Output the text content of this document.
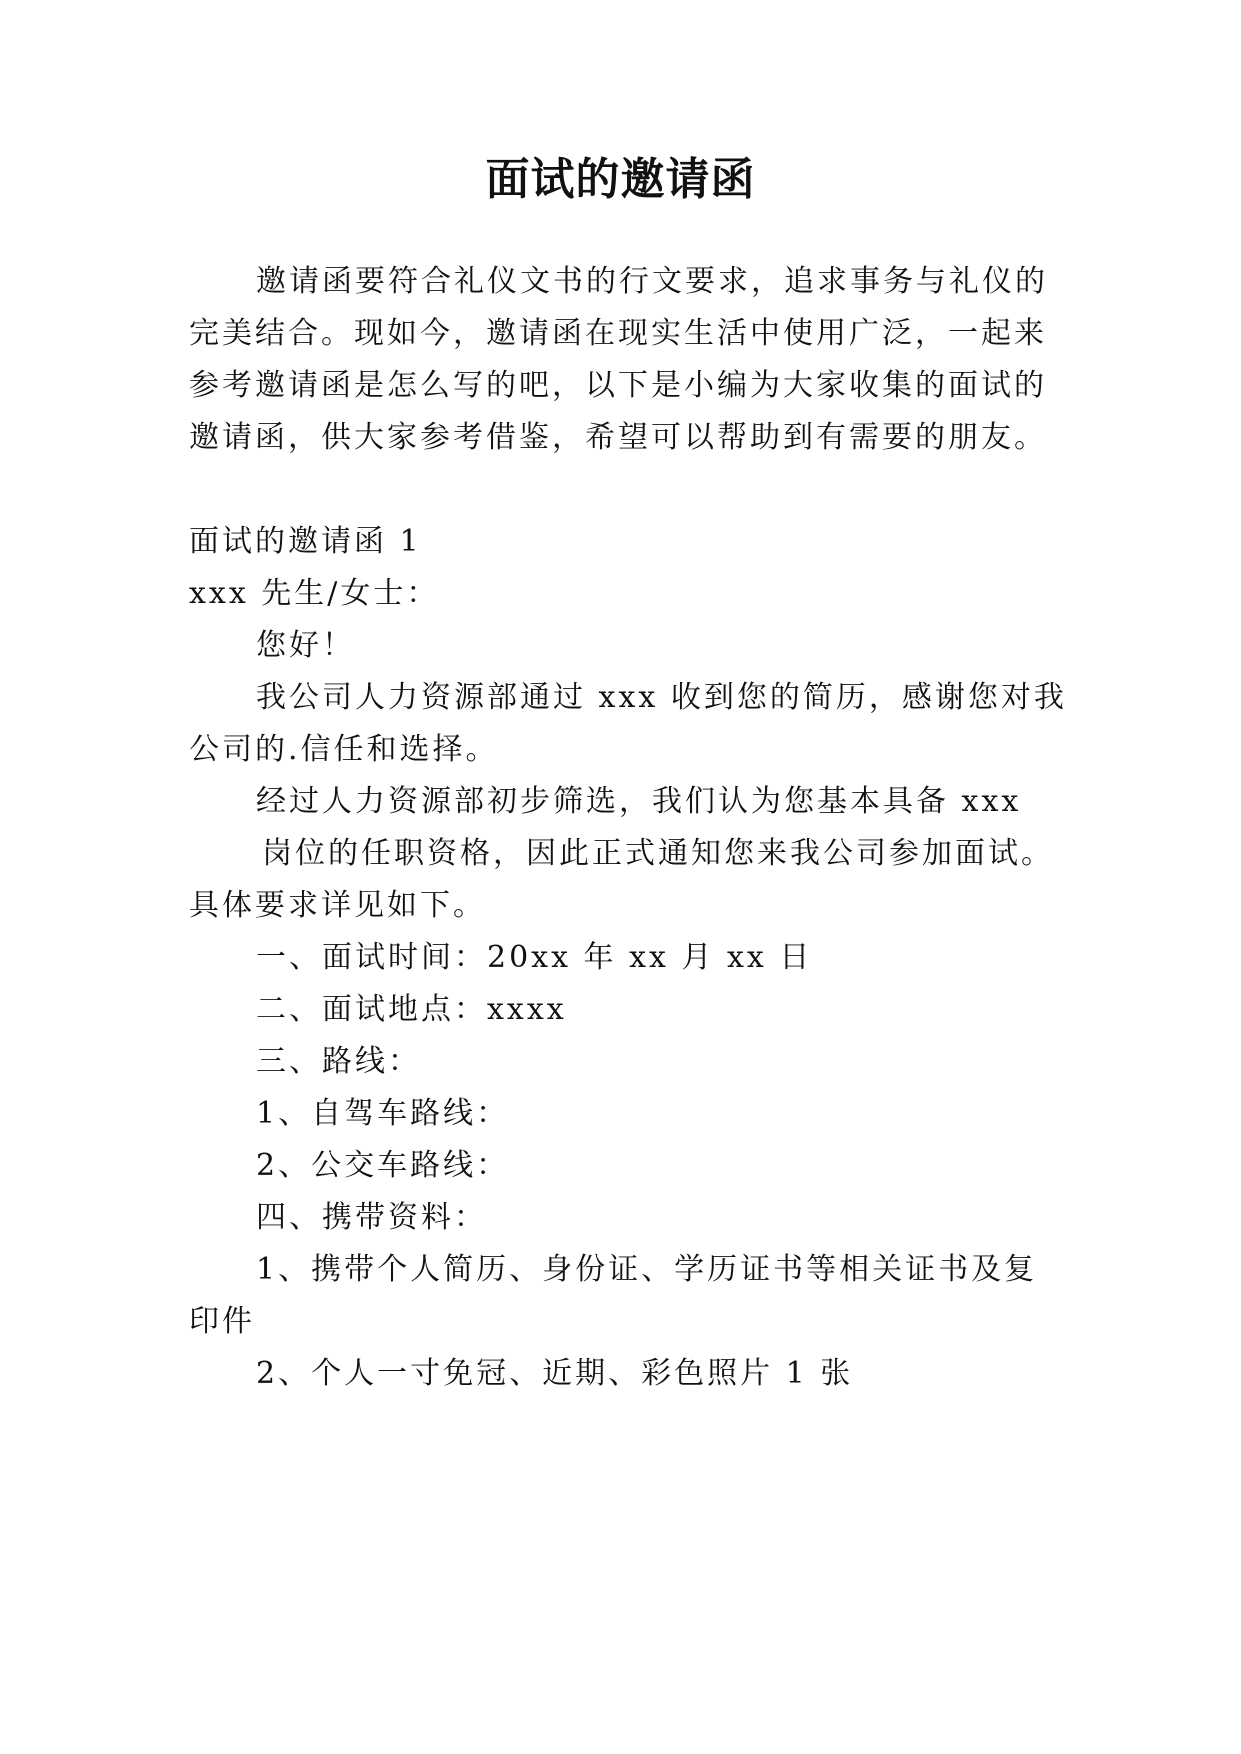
面试的邀请函

邀请函要符合礼仪文书的行文要求，追求事务与礼仪的

完美结合。现如今，邀请函在现实生活中使用广泛，一起来

参考邀请函是怎么写的吧，以下是小编为大家收集的面试的

邀请函，供大家参考借鉴，希望可以帮助到有需要的朋友。

面试的邀请函 1

xxx 先生/女士：

您好！

我公司人力资源部通过 xxx 收到您的简历，感谢您对我

公司的.信任和选择。

经过人力资源部初步筛选，我们认为您基本具备 xxx

岗位的任职资格，因此正式通知您来我公司参加面试。

具体要求详见如下。

一、面试时间：20xx 年 xx 月 xx 日

二、面试地点：xxxx

三、路线：

1、自驾车路线：

2、公交车路线：

四、携带资料：

1、携带个人简历、身份证、学历证书等相关证书及复

印件

2、个人一寸免冠、近期、彩色照片 1 张
